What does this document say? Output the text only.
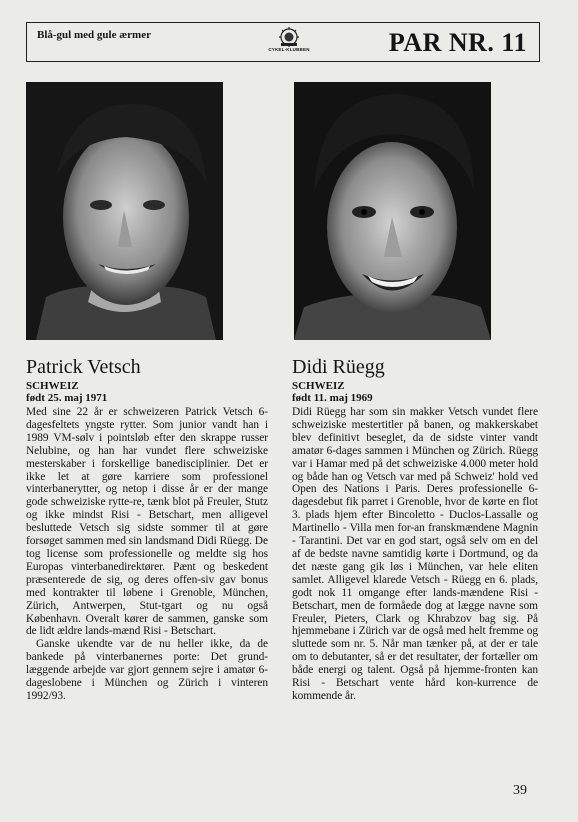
Blå-gul med gule ærmer
CYKEL-KLUBBEN	PAR NR. 11
Patrick Vetsch
SCHWEIZ
født 25. maj 1971

Med sine 22 år er schweizeren Patrick Vetsch 6-dagesfeltets yngste rytter. Som junior vandt han i 1989 VM-sølv i pointsløb efter den skrappe russer Nelubine, og han har vundet flere schweiziske mesterskaber i forskellige banedisciplinier. Det er ikke let at gøre karriere som professionel vinterbanerytter, og netop i disse år er der mange gode schweiziske rytte-re, tænk blot på Freuler, Stutz og ikke mindst Risi - Betschart, men alligevel besluttede Vetsch sig sidste sommer til at gøre forsøget sammen med sin landsmand Didi Rüegg. De tog license som professionelle og meldte sig hos Europas vinterbanedirektører. Pænt og beskedent præsenterede de sig, og deres offen-siv gav bonus med kontrakter til løbene i Grenoble, München, Zürich, Antwerpen, Stut-tgart og nu også København. Overalt kører de sammen, ganske som de lidt ældre lands-mænd Risi - Betschart.

Ganske ukendte var de nu heller ikke, da de bankede på vinterbanernes porte: Det grund-læggende arbejde var gjort gennem sejre i amatør 6-dageslobene i München og Zürich i vinteren 1992/93.

Didi Rüegg
SCHWEIZ
født 11. maj 1969

Didi Rüegg har som sin makker Vetsch vundet flere schweiziske mestertitler på banen, og makkerskabet blev definitivt beseglet, da de sidste vinter vandt amatør 6-dages sammen i München og Zürich. Rüegg var i Hamar med på det schweiziske 4.000 meter hold og både han og Vetsch var med på Schweiz' hold ved Open des Nations i Paris. Deres professionelle 6-dagesdebut fik parret i Grenoble, hvor de kørte en flot 3. plads hjem efter Bincoletto - Duclos-Lassalle og Martinello - Villa men for-an franskmændene Magnin - Tarantini. Det var en god start, også selv om en del af de bedste navne samtidig kørte i Dortmund, og da det næste gang gik løs i München, var hele eliten samlet. Alligevel klarede Vetsch - Rüegg en 6. plads, godt nok 11 omgange efter lands-mændene Risi - Betschart, men de formåede dog at lægge navne som Freuler, Pieters, Clark og Khrabzov bag sig. På hjemmebane i Zürich var de også med helt fremme og sluttede som nr. 5. Når man tænker på, at der er tale om to debutanter, så er det resultater, der fortæller om både energi og talent. Også på hjemme-fronten kan Risi - Betschart vente hård kon-kurrence de kommende år.

39
